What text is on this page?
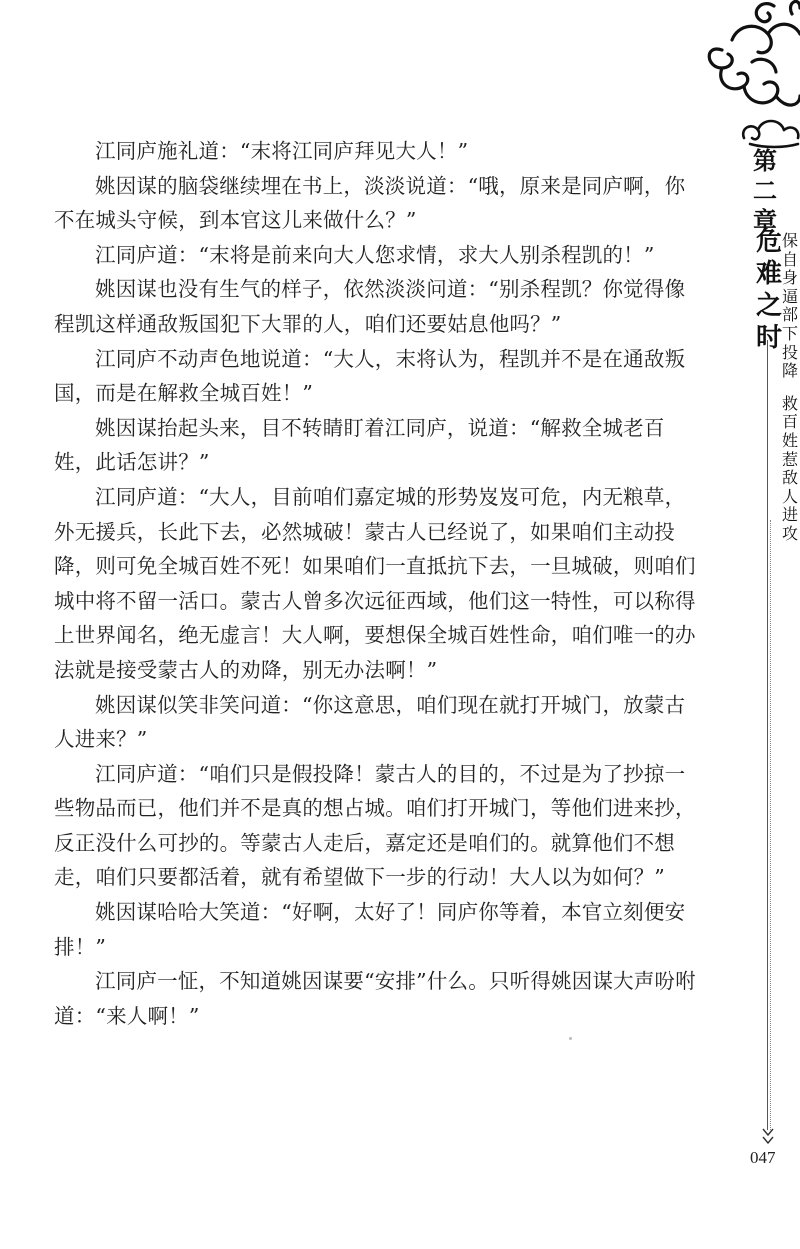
第二章
危难之时
保自身逼部下投降
救百姓惹敌人进攻
047

江同庐施礼道：“末将江同庐拜见大人！”

姚因谋的脑袋继续埋在书上，淡淡说道：“哦，原来是同庐啊，你不在城头守候，到本官这儿来做什么？”

江同庐道：“末将是前来向大人您求情，求大人别杀程凯的！”

姚因谋也没有生气的样子，依然淡淡问道：“别杀程凯？你觉得像程凯这样通敌叛国犯下大罪的人，咱们还要姑息他吗？”

江同庐不动声色地说道：“大人，末将认为，程凯并不是在通敌叛国，而是在解救全城百姓！”

姚因谋抬起头来，目不转睛盯着江同庐，说道：“解救全城老百姓，此话怎讲？”

江同庐道：“大人，目前咱们嘉定城的形势岌岌可危，内无粮草，外无援兵，长此下去，必然城破！蒙古人已经说了，如果咱们主动投降，则可免全城百姓不死！如果咱们一直抵抗下去，一旦城破，则咱们城中将不留一活口。蒙古人曾多次远征西域，他们这一特性，可以称得上世界闻名，绝无虚言！大人啊，要想保全城百姓性命，咱们唯一的办法就是接受蒙古人的劝降，别无办法啊！”

姚因谋似笑非笑问道：“你这意思，咱们现在就打开城门，放蒙古人进来？”

江同庐道：“咱们只是假投降！蒙古人的目的，不过是为了抄掠一些物品而已，他们并不是真的想占城。咱们打开城门，等他们进来抄，反正没什么可抄的。等蒙古人走后，嘉定还是咱们的。就算他们不想走，咱们只要都活着，就有希望做下一步的行动！大人以为如何？”

姚因谋哈哈大笑道：“好啊，太好了！同庐你等着，本官立刻便安排！”

江同庐一怔，不知道姚因谋要“安排”什么。只听得姚因谋大声吩咐道：“来人啊！”
